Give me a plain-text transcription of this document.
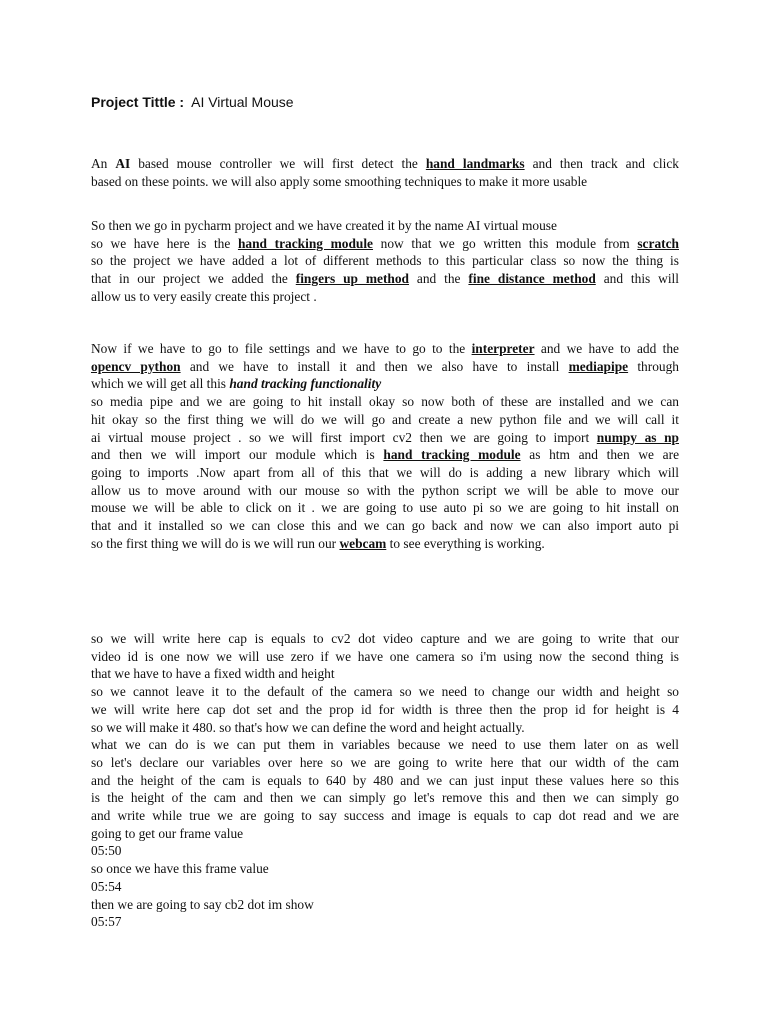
Project Tittle : AI Virtual Mouse
An AI based mouse controller we will first detect the hand landmarks and then track and click
based on these points. we will also apply some smoothing techniques to make it more usable
So then we go in pycharm project and we have created it by the name AI virtual mouse
so we have here is the hand tracking module now that we go written this module from scratch
so the project we have added a lot of different methods to this particular class so now the thing is
that in our project we added the fingers up method and the fine distance method and this will
allow us to very easily create this project .
Now if we have to go to file settings and we have to go to the interpreter and we have to add the
opencv python and we have to install it and then we also have to install mediapipe through
which we will get all this hand tracking functionality
so media pipe and we are going to hit install okay so now both of these are installed and we can
hit okay so the first thing we will do we will go and create a new python file and we will call it
ai virtual mouse project . so we will first import cv2 then we are going to import numpy as np
and then we will import our module which is hand tracking module as htm and then we are
going to imports .Now apart from all of this that we will do is adding a new library which will
allow us to move around with our mouse so with the python script we will be able to move our
mouse we will be able to click on it . we are going to use auto pi so we are going to hit install on
that and it installed so we can close this and we can go back and now we can also import auto pi
so the first thing we will do is we will run our webcam to see everything is working.
so we will write here cap is equals to cv2 dot video capture and we are going to write that our
video id is one now we will use zero if we have one camera so i'm using now the second thing is
that we have to have a fixed width and height
so we cannot leave it to the default of the camera so we need to change our width and height so
we will write here cap dot set and the prop id for width is three then the prop id for height is 4
so we will make it 480. so that's how we can define the word and height actually.
what we can do is we can put them in variables because we need to use them later on as well
so let's declare our variables over here so we are going to write here that our width of the cam
and the height of the cam is equals to 640 by 480 and we can just input these values here so this
is the height of the cam and then we can simply go let's remove this and then we can simply go
and write while true we are going to say success and image is equals to cap dot read and we are
going to get our frame value
05:50
so once we have this frame value
05:54
then we are going to say cb2 dot im show
05:57
